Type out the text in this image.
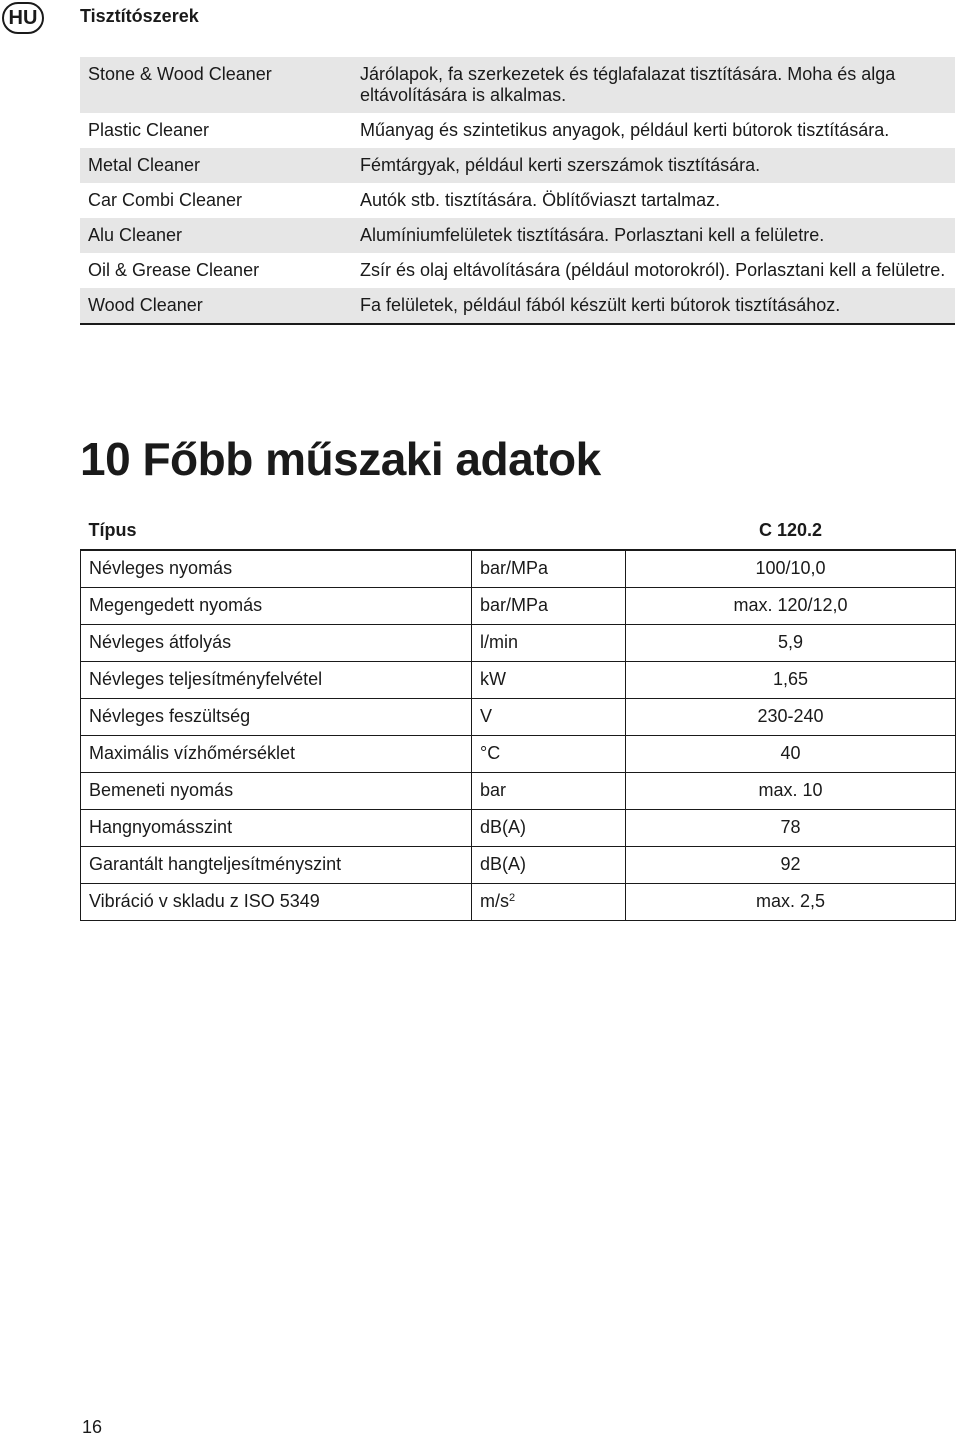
HU	Tisztítószerek
Stone & Wood Cleaner	Járólapok, fa szerkezetek és téglafalazat tisztítására. Moha és alga eltávolítására is alkalmas.
Plastic Cleaner	Műanyag és szintetikus anyagok, például kerti bútorok tisztítására.
Metal Cleaner	Fémtárgyak, például kerti szerszámok tisztítására.
Car Combi Cleaner	Autók stb. tisztítására. Öblítőviaszt tartalmaz.
Alu Cleaner	Alumíniumfelületek tisztítására. Porlasztani kell a felületre.
Oil & Grease Cleaner	Zsír és olaj eltávolítására (például motorokról). Porlasztani kell a felületre.
Wood Cleaner	Fa felületek, például fából készült kerti bútorok tisztításához.
10 Főbb műszaki adatok
Típus		C 120.2
Névleges nyomás	bar/MPa	100/10,0
Megengedett nyomás	bar/MPa	max. 120/12,0
Névleges átfolyás	l/min	5,9
Névleges teljesítményfelvétel	kW	1,65
Névleges feszültség	V	230-240
Maximális vízhőmérséklet	°C	40
Bemeneti nyomás	bar	max. 10
Hangnyomásszint	dB(A)	78
Garantált hangteljesítményszint	dB(A)	92
Vibráció v skladu z ISO 5349	$m/s^2$	max. 2,5
16
